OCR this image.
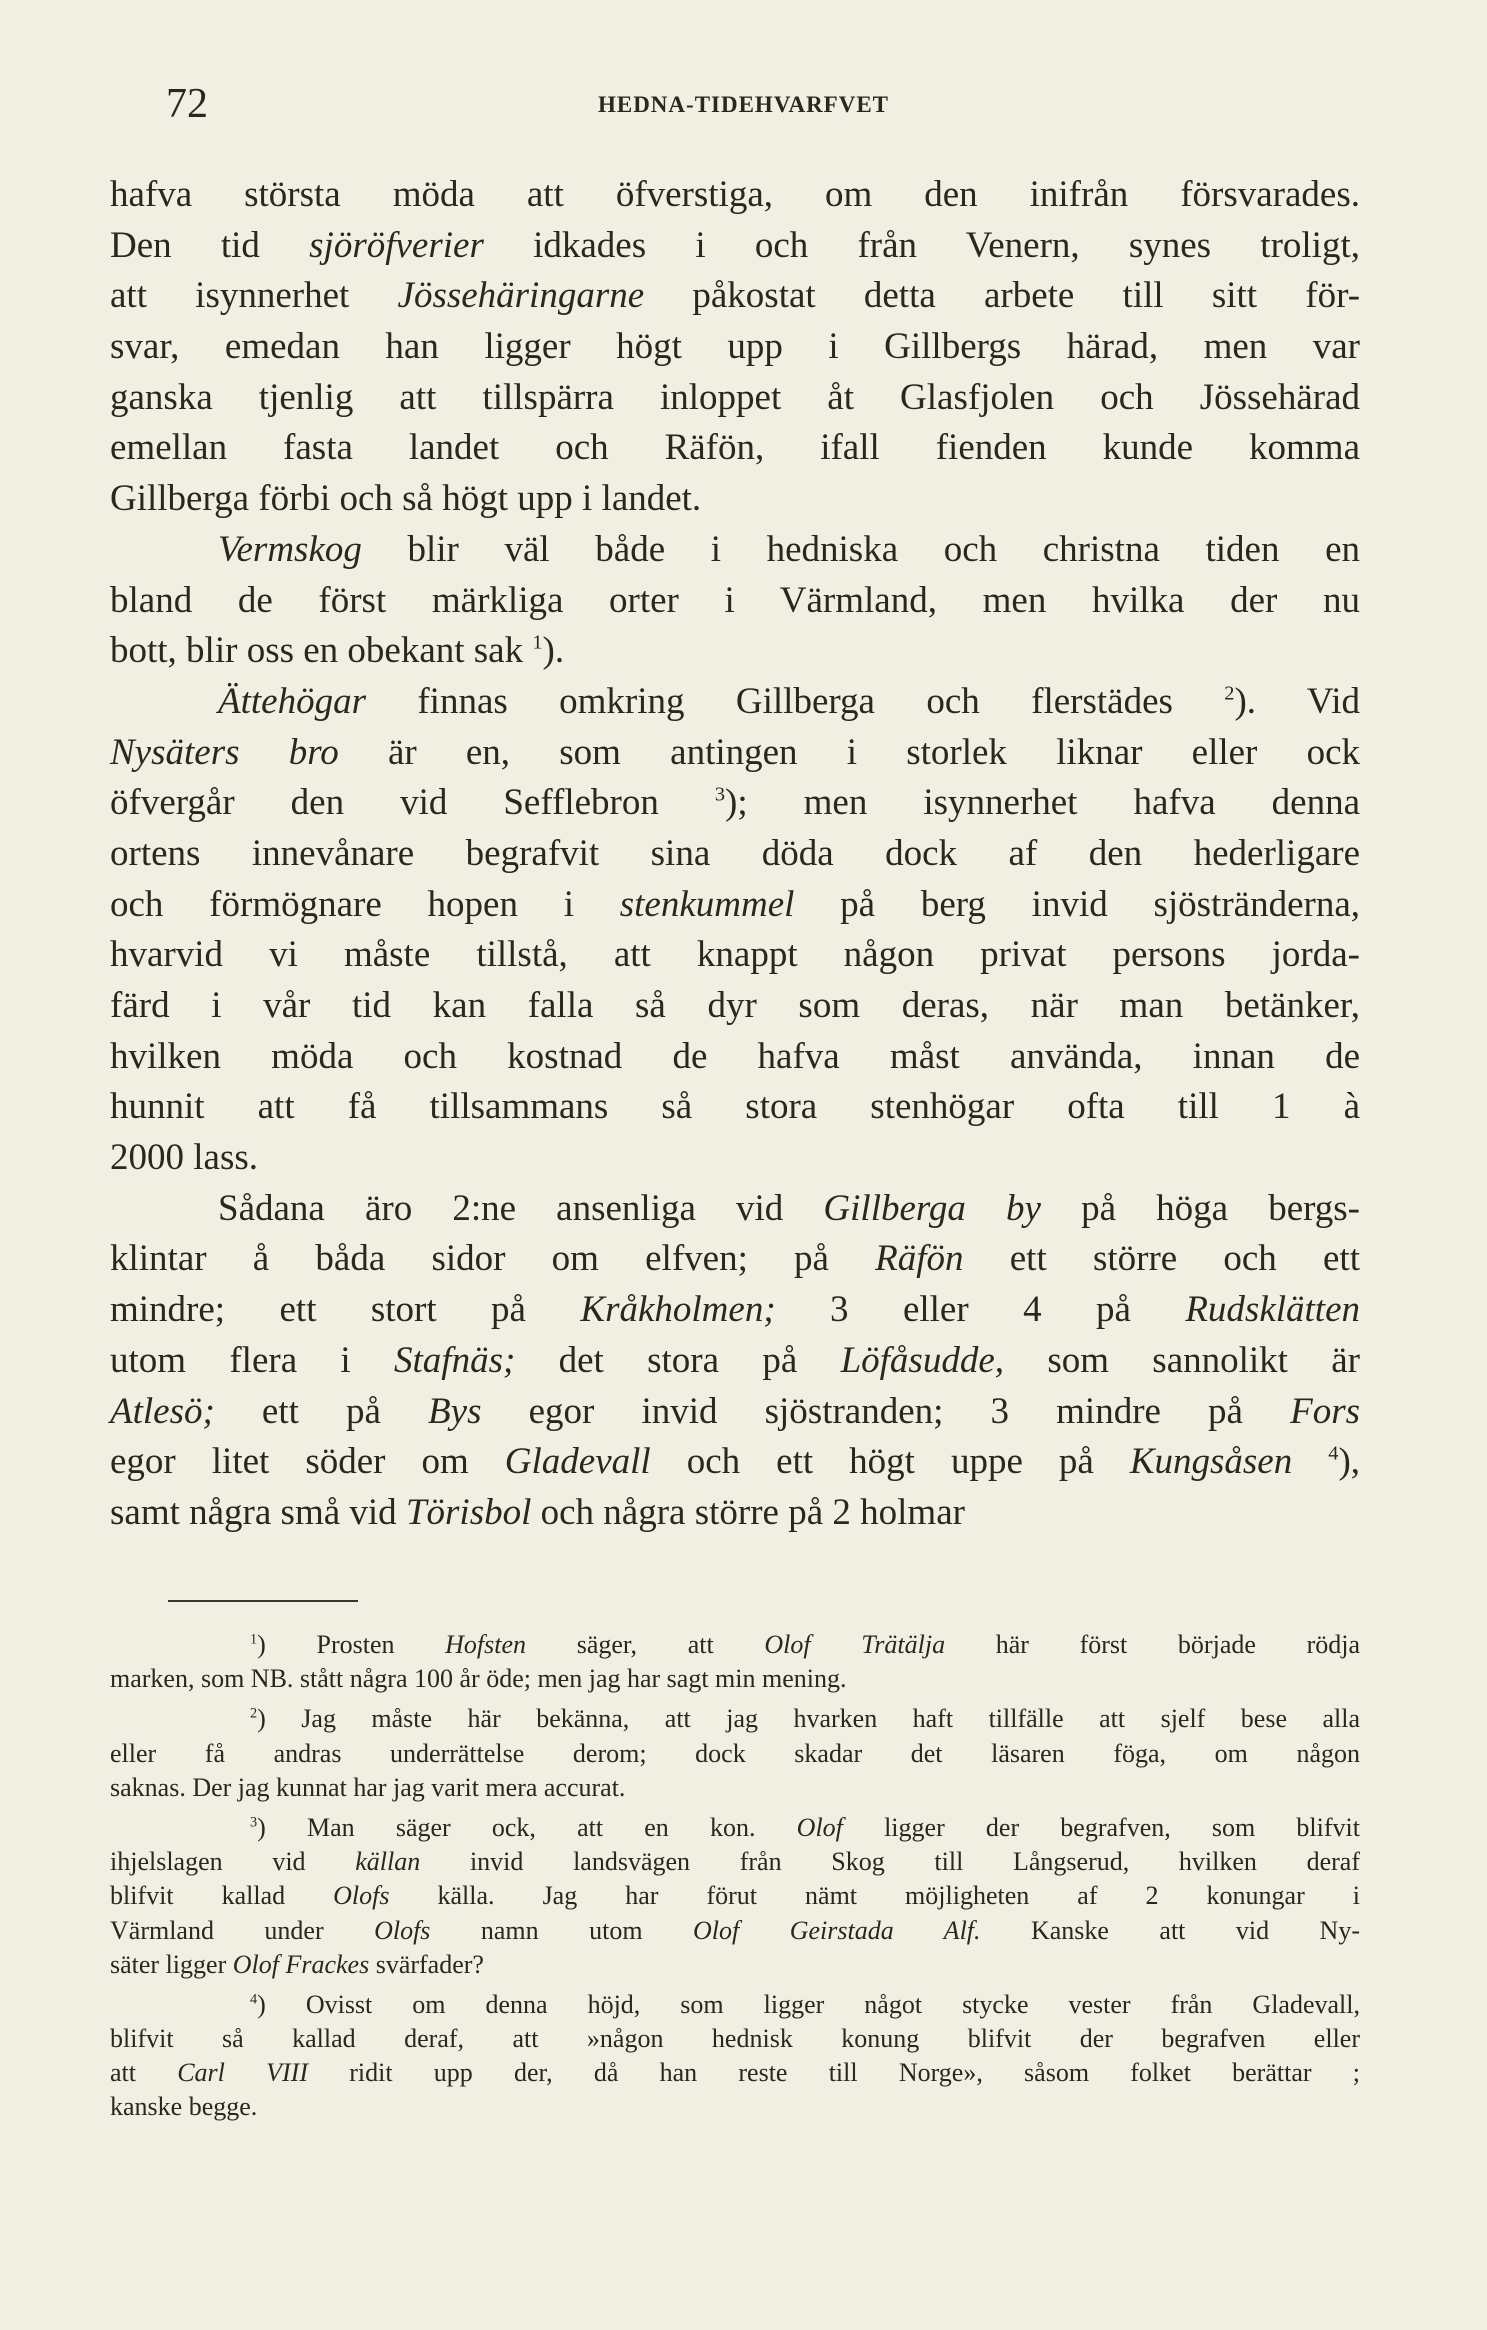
72	HEDNA-TIDEHVARFVET
hafva största möda att öfverstiga, om den inifrån försvarades.
Den tid sjöröfverier idkades i och från Venern, synes troligt,
att isynnerhet Jössehäringarne påkostat detta arbete till sitt för-
svar, emedan han ligger högt upp i Gillbergs härad, men var
ganska tjenlig att tillspärra inloppet åt Glasfjolen och Jössehärad
emellan fasta landet och Räfön, ifall fienden kunde komma
Gillberga förbi och så högt upp i landet.
Vermskog blir väl både i hedniska och christna tiden en
bland de först märkliga orter i Värmland, men hvilka der nu
bott, blir oss en obekant sak $^1$).
Ättehögar finnas omkring Gillberga och flerstädes $^2$). Vid
Nysäters bro är en, som antingen i storlek liknar eller ock
öfvergår den vid Sefflebron $^3$); men isynnerhet hafva denna
ortens innevånare begrafvit sina döda dock af den hederligare
och förmögnare hopen i stenkummel på berg invid sjöstränderna,
hvarvid vi måste tillstå, att knappt någon privat persons jorda-
färd i vår tid kan falla så dyr som deras, när man betänker,
hvilken möda och kostnad de hafva måst använda, innan de
hunnit att få tillsammans så stora stenhögar ofta till 1 à
2000 lass.
Sådana äro 2:ne ansenliga vid Gillberga by på höga bergs-
klintar å båda sidor om elfven; på Räfön ett större och ett
mindre; ett stort på Kråkholmen; 3 eller 4 på Rudsklätten
utom flera i Stafnäs; det stora på Löfåsudde, som sannolikt är
Atlesö; ett på Bys egor invid sjöstranden; 3 mindre på Fors
egor litet söder om Gladevall och ett högt uppe på Kungsåsen $^4$),
samt några små vid Törisbol och några större på 2 holmar
$^1$) Prosten Hofsten säger, att Olof Trätälja här först började rödja
marken, som NB. stått några 100 år öde; men jag har sagt min mening.
$^2$) Jag måste här bekänna, att jag hvarken haft tillfälle att sjelf bese alla
eller få andras underrättelse derom; dock skadar det läsaren föga, om någon
saknas. Der jag kunnat har jag varit mera accurat.
$^3$) Man säger ock, att en kon. Olof ligger der begrafven, som blifvit
ihjelslagen vid källan invid landsvägen från Skog till Långserud, hvilken deraf
blifvit kallad Olofs källa. Jag har förut nämt möjligheten af 2 konungar i
Värmland under Olofs namn utom Olof Geirstada Alf. Kanske att vid Ny-
säter ligger Olof Frackes svärfader?
$^4$) Ovisst om denna höjd, som ligger något stycke vester från Gladevall,
blifvit så kallad deraf, att »någon hednisk konung blifvit der begrafven eller
att Carl VIII ridit upp der, då han reste till Norge», såsom folket berättar ;
kanske begge.
